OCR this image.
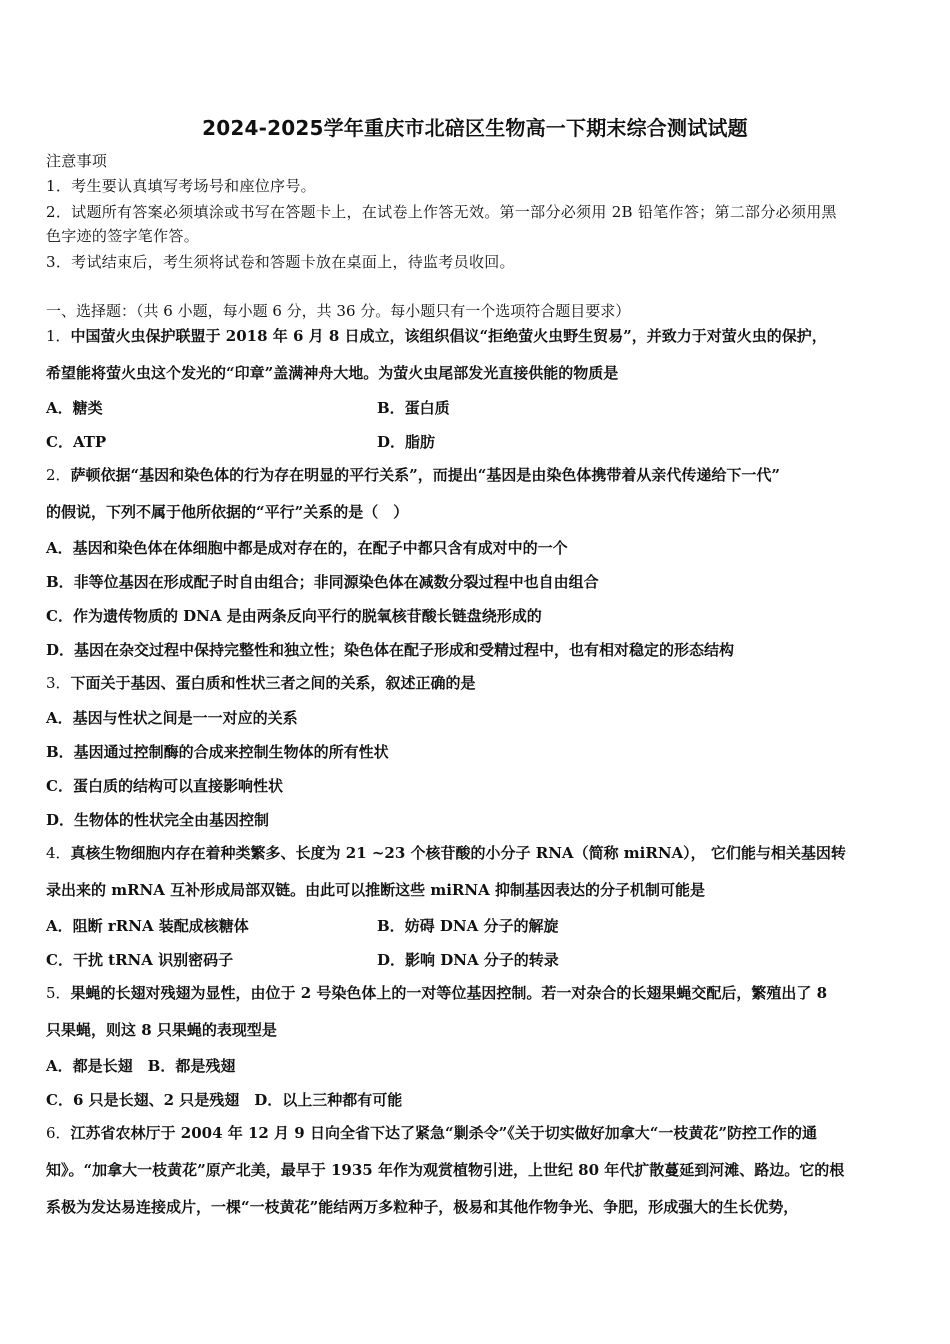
2024-2025学年重庆市北碚区生物高一下期末综合测试试题
注意事项
1．考生要认真填写考场号和座位序号。
2．试题所有答案必须填涂或书写在答题卡上，在试卷上作答无效。第一部分必须用 2B 铅笔作答；第二部分必须用黑
色字迹的签字笔作答。
3．考试结束后，考生须将试卷和答题卡放在桌面上，待监考员收回。
一、选择题：（共 6 小题，每小题 6 分，共 36 分。每小题只有一个选项符合题目要求）
1．中国萤火虫保护联盟于 2018 年 6 月 8 日成立，该组织倡议“拒绝萤火虫野生贸易”，并致力于对萤火虫的保护，
希望能将萤火虫这个发光的“印章”盖满神舟大地。为萤火虫尾部发光直接供能的物质是
A．糖类	B．蛋白质
C．ATP	D．脂肪
2．萨顿依据“基因和染色体的行为存在明显的平行关系”，而提出“基因是由染色体携带着从亲代传递给下一代”
的假说，下列不属于他所依据的“平行”关系的是（　）
A．基因和染色体在体细胞中都是成对存在的，在配子中都只含有成对中的一个
B．非等位基因在形成配子时自由组合；非同源染色体在减数分裂过程中也自由组合
C．作为遗传物质的 DNA 是由两条反向平行的脱氧核苷酸长链盘绕形成的
D．基因在杂交过程中保持完整性和独立性；染色体在配子形成和受精过程中，也有相对稳定的形态结构
3．下面关于基因、蛋白质和性状三者之间的关系，叙述正确的是
A．基因与性状之间是一一对应的关系
B．基因通过控制酶的合成来控制生物体的所有性状
C．蛋白质的结构可以直接影响性状
D．生物体的性状完全由基因控制
4．真核生物细胞内存在着种类繁多、长度为 21 ~23 个核苷酸的小分子 RNA（简称 miRNA）， 它们能与相关基因转
录出来的 mRNA 互补形成局部双链。由此可以推断这些 miRNA 抑制基因表达的分子机制可能是
A．阻断 rRNA 装配成核糖体	B．妨碍 DNA 分子的解旋
C．干扰 tRNA 识别密码子	D．影响 DNA 分子的转录
5．果蝇的长翅对残翅为显性，由位于 2 号染色体上的一对等位基因控制。若一对杂合的长翅果蝇交配后，繁殖出了 8
只果蝇，则这 8 只果蝇的表现型是
A．都是长翅　B．都是残翅
C．6 只是长翅、2 只是残翅　D．以上三种都有可能
6．江苏省农林厅于 2004 年 12 月 9 日向全省下达了紧急“剿杀令”《关于切实做好加拿大“一枝黄花”防控工作的通
知》。“加拿大一枝黄花”原产北美，最早于 1935 年作为观赏植物引进，上世纪 80 年代扩散蔓延到河滩、路边。它的根
系极为发达易连接成片，一棵“一枝黄花”能结两万多粒种子，极易和其他作物争光、争肥，形成强大的生长优势，
